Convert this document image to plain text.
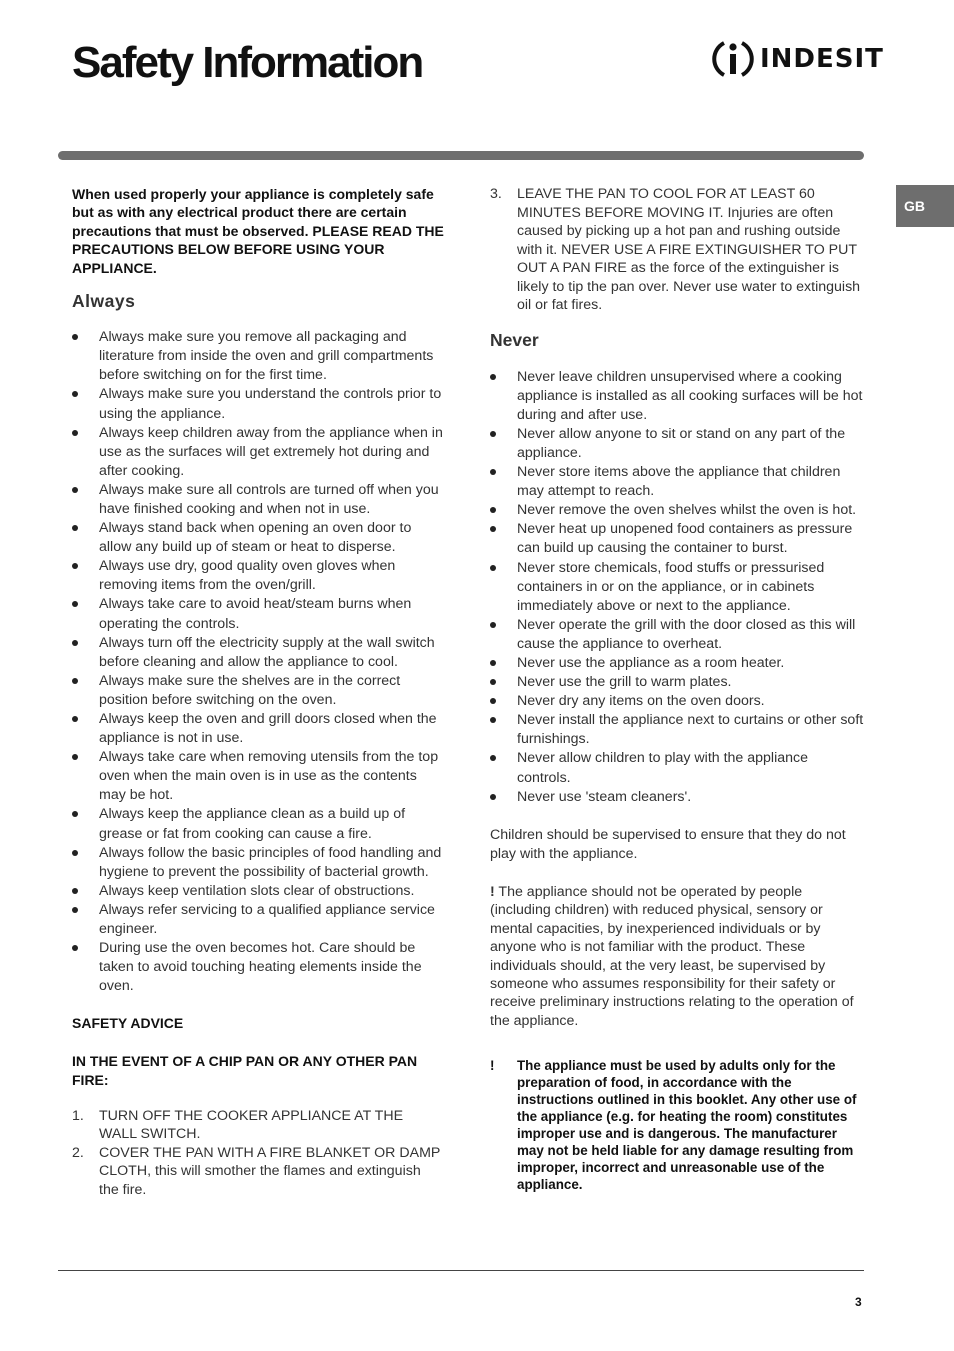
Safety Information	INDESIT
GB

When used properly your appliance is completely safe but as with any electrical product there are certain precautions that must be observed. PLEASE READ THE PRECAUTIONS BELOW BEFORE USING YOUR APPLIANCE.

Always
Always make sure you remove all packaging and literature from inside the oven and grill compartments before switching on for the first time.
Always make sure you understand the controls prior to using the appliance.
Always keep children away from the appliance when in use as the surfaces will get extremely hot during and after cooking.
Always make sure all controls are turned off when you have finished cooking and when not in use.
Always stand back when opening an oven door to allow any build up of steam or heat to disperse.
Always use dry, good quality oven gloves when removing items from the oven/grill.
Always take care to avoid heat/steam burns when operating the controls.
Always turn off the electricity supply at the wall switch before cleaning and allow the appliance to cool.
Always make sure the shelves are in the correct position before switching on the oven.
Always keep the oven and grill doors closed when the appliance is not in use.
Always take care when removing utensils from the top oven when the main oven is in use as the contents may be hot.
Always keep the appliance clean as a build up of grease or fat from cooking can cause a fire.
Always follow the basic principles of food handling and hygiene to prevent the possibility of bacterial growth.
Always keep ventilation slots clear of obstructions.
Always refer servicing to a qualified appliance service engineer.
During use the oven becomes hot. Care should be taken to avoid touching heating elements inside the oven.
SAFETY ADVICE
IN THE EVENT OF A CHIP PAN OR ANY OTHER PAN FIRE:
1. TURN OFF THE COOKER APPLIANCE AT THE WALL SWITCH.
2. COVER THE PAN WITH A FIRE BLANKET OR DAMP CLOTH, this will smother the flames and extinguish the fire.
3. LEAVE THE PAN TO COOL FOR AT LEAST 60 MINUTES BEFORE MOVING IT. Injuries are often caused by picking up a hot pan and rushing outside with it. NEVER USE A FIRE EXTINGUISHER TO PUT OUT A PAN FIRE as the force of the extinguisher is likely to tip the pan over. Never use water to extinguish oil or fat fires.
Never
Never leave children unsupervised where a cooking appliance is installed as all cooking surfaces will be hot during and after use.
Never allow anyone to sit or stand on any part of the appliance.
Never store items above the appliance that children may attempt to reach.
Never remove the oven shelves whilst the oven is hot.
Never heat up unopened food containers as pressure can build up causing the container to burst.
Never store chemicals, food stuffs or pressurised containers in or on the appliance, or in cabinets immediately above or next to the appliance.
Never operate the grill with the door closed as this will cause the appliance to overheat.
Never use the appliance as a room heater.
Never use the grill to warm plates.
Never dry any items on the oven doors.
Never install the appliance next to curtains or other soft furnishings.
Never allow children to play with the appliance controls.
Never use 'steam cleaners'.

Children should be supervised to ensure that they do not play with the appliance.

! The appliance should not be operated by people (including children) with reduced physical, sensory or mental capacities, by inexperienced individuals or by anyone who is not familiar with the product. These individuals should, at the very least, be supervised by someone who assumes responsibility for their safety or receive preliminary instructions relating to the operation of the appliance.

! The appliance must be used by adults only for the preparation of food, in accordance with the instructions outlined in this booklet. Any other use of the appliance (e.g. for heating the room) constitutes improper use and is dangerous. The manufacturer may not be held liable for any damage resulting from improper, incorrect and unreasonable use of the appliance.
3
